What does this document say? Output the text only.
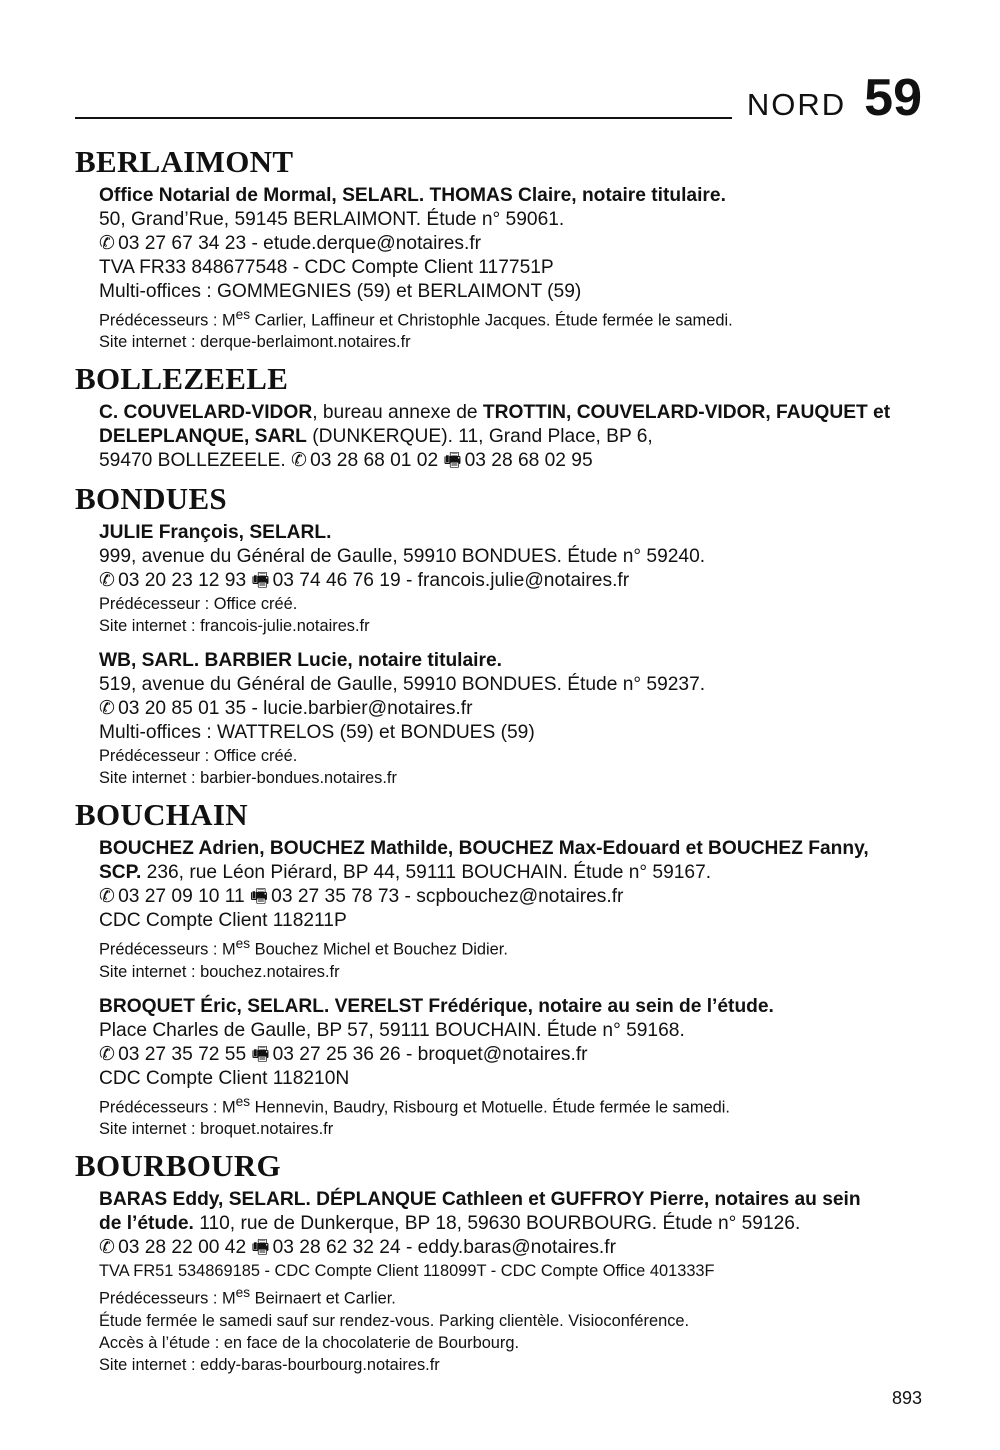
NORD 59
BERLAIMONT
Office Notarial de Mormal, SELARL. THOMAS Claire, notaire titulaire.
50, Grand’Rue, 59145 BERLAIMONT. Étude n° 59061.
✆ 03 27 67 34 23 - etude.derque@notaires.fr
TVA FR33 848677548 - CDC Compte Client 117751P
Multi-offices : GOMMEGNIES (59) et BERLAIMONT (59)
Prédécesseurs : $M^{es}$ Carlier, Laffineur et Christophle Jacques. Étude fermée le samedi.
Site internet : derque-berlaimont.notaires.fr
BOLLEZEELE
C. COUVELARD-VIDOR, bureau annexe de TROTTIN, COUVELARD-VIDOR, FAUQUET et DELEPLANQUE, SARL (DUNKERQUE). 11, Grand Place, BP 6,
59470 BOLLEZEELE. ✆ 03 28 68 01 02 🖷 03 28 68 02 95
BONDUES
JULIE François, SELARL.
999, avenue du Général de Gaulle, 59910 BONDUES. Étude n° 59240.
✆ 03 20 23 12 93 🖷 03 74 46 76 19 - francois.julie@notaires.fr
Prédécesseur : Office créé.
Site internet : francois-julie.notaires.fr
WB, SARL. BARBIER Lucie, notaire titulaire.
519, avenue du Général de Gaulle, 59910 BONDUES. Étude n° 59237.
✆ 03 20 85 01 35 - lucie.barbier@notaires.fr
Multi-offices : WATTRELOS (59) et BONDUES (59)
Prédécesseur : Office créé.
Site internet : barbier-bondues.notaires.fr
BOUCHAIN
BOUCHEZ Adrien, BOUCHEZ Mathilde, BOUCHEZ Max-Edouard et BOUCHEZ Fanny,
SCP. 236, rue Léon Piérard, BP 44, 59111 BOUCHAIN. Étude n° 59167.
✆ 03 27 09 10 11 🖷 03 27 35 78 73 - scpbouchez@notaires.fr
CDC Compte Client 118211P
Prédécesseurs : $M^{es}$ Bouchez Michel et Bouchez Didier.
Site internet : bouchez.notaires.fr
BROQUET Éric, SELARL. VERELST Frédérique, notaire au sein de l’étude.
Place Charles de Gaulle, BP 57, 59111 BOUCHAIN. Étude n° 59168.
✆ 03 27 35 72 55 🖷 03 27 25 36 26 - broquet@notaires.fr
CDC Compte Client 118210N
Prédécesseurs : $M^{es}$ Hennevin, Baudry, Risbourg et Motuelle. Étude fermée le samedi.
Site internet : broquet.notaires.fr
BOURBOURG
BARAS Eddy, SELARL. DÉPLANQUE Cathleen et GUFFROY Pierre, notaires au sein
de l’étude. 110, rue de Dunkerque, BP 18, 59630 BOURBOURG. Étude n° 59126.
✆ 03 28 22 00 42 🖷 03 28 62 32 24 - eddy.baras@notaires.fr
TVA FR51 534869185 - CDC Compte Client 118099T - CDC Compte Office 401333F
Prédécesseurs : $M^{es}$ Beirnaert et Carlier.
Étude fermée le samedi sauf sur rendez-vous. Parking clientèle. Visioconférence.
Accès à l’étude : en face de la chocolaterie de Bourbourg.
Site internet : eddy-baras-bourbourg.notaires.fr
893
